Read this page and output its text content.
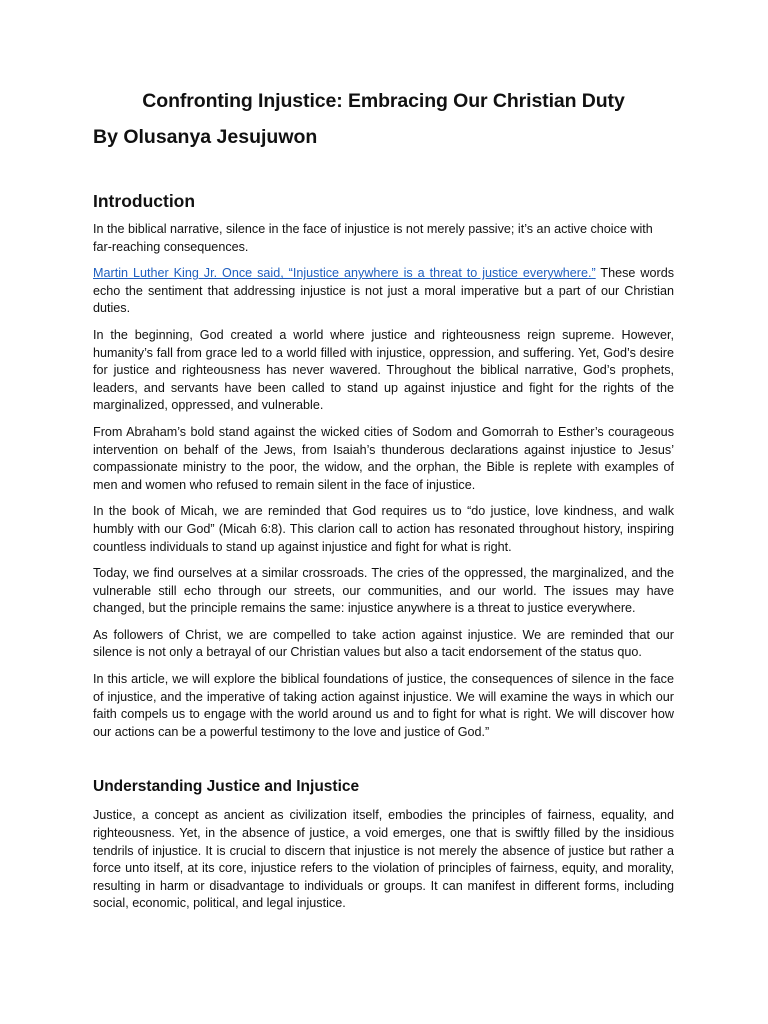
Confronting Injustice: Embracing Our Christian Duty
By Olusanya Jesujuwon
Introduction

In the biblical narrative, silence in the face of injustice is not merely passive; it’s an active choice with far-reaching consequences.

Martin Luther King Jr. Once said, “Injustice anywhere is a threat to justice everywhere.” These words echo the sentiment that addressing injustice is not just a moral imperative but a part of our Christian duties.

In the beginning, God created a world where justice and righteousness reign supreme. However, humanity’s fall from grace led to a world filled with injustice, oppression, and suffering. Yet, God’s desire for justice and righteousness has never wavered. Throughout the biblical narrative, God’s prophets, leaders, and servants have been called to stand up against injustice and fight for the rights of the marginalized, oppressed, and vulnerable.

From Abraham’s bold stand against the wicked cities of Sodom and Gomorrah to Esther’s courageous intervention on behalf of the Jews, from Isaiah’s thunderous declarations against injustice to Jesus’ compassionate ministry to the poor, the widow, and the orphan, the Bible is replete with examples of men and women who refused to remain silent in the face of injustice.

In the book of Micah, we are reminded that God requires us to “do justice, love kindness, and walk humbly with our God” (Micah 6:8). This clarion call to action has resonated throughout history, inspiring countless individuals to stand up against injustice and fight for what is right.

Today, we find ourselves at a similar crossroads. The cries of the oppressed, the marginalized, and the vulnerable still echo through our streets, our communities, and our world. The issues may have changed, but the principle remains the same: injustice anywhere is a threat to justice everywhere.

As followers of Christ, we are compelled to take action against injustice. We are reminded that our silence is not only a betrayal of our Christian values but also a tacit endorsement of the status quo.

In this article, we will explore the biblical foundations of justice, the consequences of silence in the face of injustice, and the imperative of taking action against injustice. We will examine the ways in which our faith compels us to engage with the world around us and to fight for what is right. We will discover how our actions can be a powerful testimony to the love and justice of God.”

Understanding Justice and Injustice

Justice, a concept as ancient as civilization itself, embodies the principles of fairness, equality, and righteousness. Yet, in the absence of justice, a void emerges, one that is swiftly filled by the insidious tendrils of injustice. It is crucial to discern that injustice is not merely the absence of justice but rather a force unto itself, at its core, injustice refers to the violation of principles of fairness, equity, and morality, resulting in harm or disadvantage to individuals or groups. It can manifest in different forms, including social, economic, political, and legal injustice.
